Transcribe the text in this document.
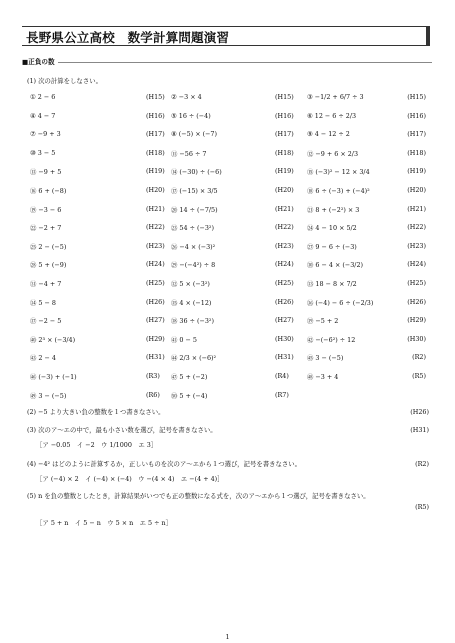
長野県公立高校　数学計算問題演習
■正負の数
(1) 次の計算をしなさい。
① 2 − 6	(H15) ② −3 × 4	(H15) ③ −1/2 + 6/7 ÷ 3	(H15)
④ 4 − 7	(H16) ⑤ 16 ÷ (−4)	(H16) ⑥ 12 − 6 ÷ 2/3	(H16)
⑦ −9 + 3	(H17) ⑧ (−5) × (−7)	(H17) ⑨ 4 − 12 ÷ 2	(H17)
⑩ 3 − 5	(H18) ⑪ −56 ÷ 7	(H18) ⑫ −9 + 6 × 2/3	(H18)
⑬ −9 + 5	(H19) ⑭ (−30) ÷ (−6)	(H19) ⑮ (−3)² − 12 × 3/4	(H19)
⑯ 6 + (−8)	(H20) ⑰ (−15) × 3/5	(H20) ⑱ 6 ÷ (−3) + (−4)²	(H20)
⑲ −3 − 6	(H21) ⑳ 14 ÷ (−7/5)	(H21) ㉑ 8 + (−2²) × 3	(H21)
㉒ −2 + 7	(H22) ㉓ 54 ÷ (−3²)	(H22) ㉔ 4 − 10 × 5/2	(H22)
㉕ 2 − (−5)	(H23) ㉖ −4 × (−3)²	(H23) ㉗ 9 − 6 ÷ (−3)	(H23)
㉘ 5 + (−9)	(H24) ㉙ −(−4²) ÷ 8	(H24) ㉚ 6 − 4 × (−3/2)	(H24)
㉛ −4 + 7	(H25) ㉜ 5 × (−3²)	(H25) ㉝ 18 − 8 × 7/2	(H25)
㉞ 5 − 8	(H26) ㉟ 4 × (−12)	(H26) ㊱ (−4) − 6 ÷ (−2/3)	(H26)
㊲ −2 − 5	(H27) ㊳ 36 ÷ (−3²)	(H27) ㊴ −5 + 2	(H29)
㊵ 2³ × (−3/4)	(H29) ㊶ 0 − 5	(H30) ㊷ −(−6²) ÷ 12	(H30)
㊸ 2 − 4	(H31) ㊹ 2/3 × (−6)²	(H31) ㊺ 3 − (−5)	(R2)
㊻ (−3) + (−1)	(R3) ㊼ 5 + (−2)	(R4)	㊽ −3 + 4	(R5)
㊾ 3 − (−5)	(R6) ㊿ 5 + (−4)	(R7)
(2) −5 より大きい負の整数を１つ書きなさい。	(H26)
(3) 次のア〜エの中で，最も小さい数を選び，記号を書きなさい。	(H31)
［ア −0.05　イ −2　ウ 1/1000　エ 3］
(4) −4² はどのように計算するか，正しいものを次のア〜エから１つ選び，記号を書きなさい。	(R2)
［ア (−4) × 2　イ (−4) × (−4)　ウ −(4 × 4)　エ −(4 + 4)］
(5) n を負の整数としたとき，計算結果がいつでも正の整数になる式を，次のア〜エから１つ選び，記号を書きなさい。
(R5)
［ア 5 + n　イ 5 − n　ウ 5 × n　エ 5 ÷ n］
1
